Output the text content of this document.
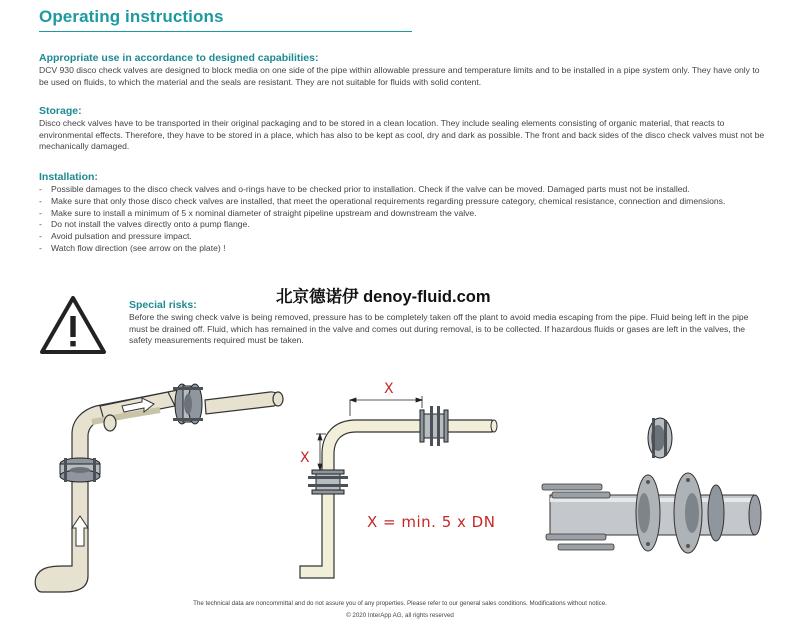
Operating instructions
Appropriate use in accordance to designed capabilities:

DCV 930 disco check valves are designed to block media on one side of the pipe within allowable pressure and temperature limits and to be installed in a pipe system only. They have only to be used on fluids, to which the material and the seals are resistant. They are not suitable for fluids with solid content.

Storage:

Disco check valves have to be transported in their original packaging and to be stored in a clean location. They include sealing elements consisting of organic material, that reacts to environmental effects. Therefore, they have to be stored in a place, which has also to be kept as cool, dry and dark as possible. The front and back sides of the disco check valves must not be mechanically damaged.

Installation:
- Possible damages to the disco check valves and o-rings have to be checked prior to installation. Check if the valve can be moved. Damaged parts must not be installed.
- Make sure that only those disco check valves are installed, that meet the operational requirements regarding pressure category, chemical resistance, connection and dimensions.
- Make sure to install a minimum of 5 x nominal diameter of straight pipeline upstream and downstream the valve.
- Do not install the valves directly onto a pump flange.
- Avoid pulsation and pressure impact.
- Watch flow direction (see arrow on the plate) !
北京德诺伊 denoy-fluid.com
Special risks:

Before the swing check valve is being removed, pressure has to be completely taken off the plant to avoid media escaping from the pipe. Fluid being left in the pipe must be drained off. Fluid, which has remained in the valve and comes out during removal, is to be collected. If hazardous fluids or gases are left in the valves, the safety measurements required must be taken.

X
X
X = min. 5 x DN
The technical data are noncommittal and do not assure you of any properties. Please refer to our general sales conditions. Modifications without notice.
© 2020 InterApp AG, all rights reserved
